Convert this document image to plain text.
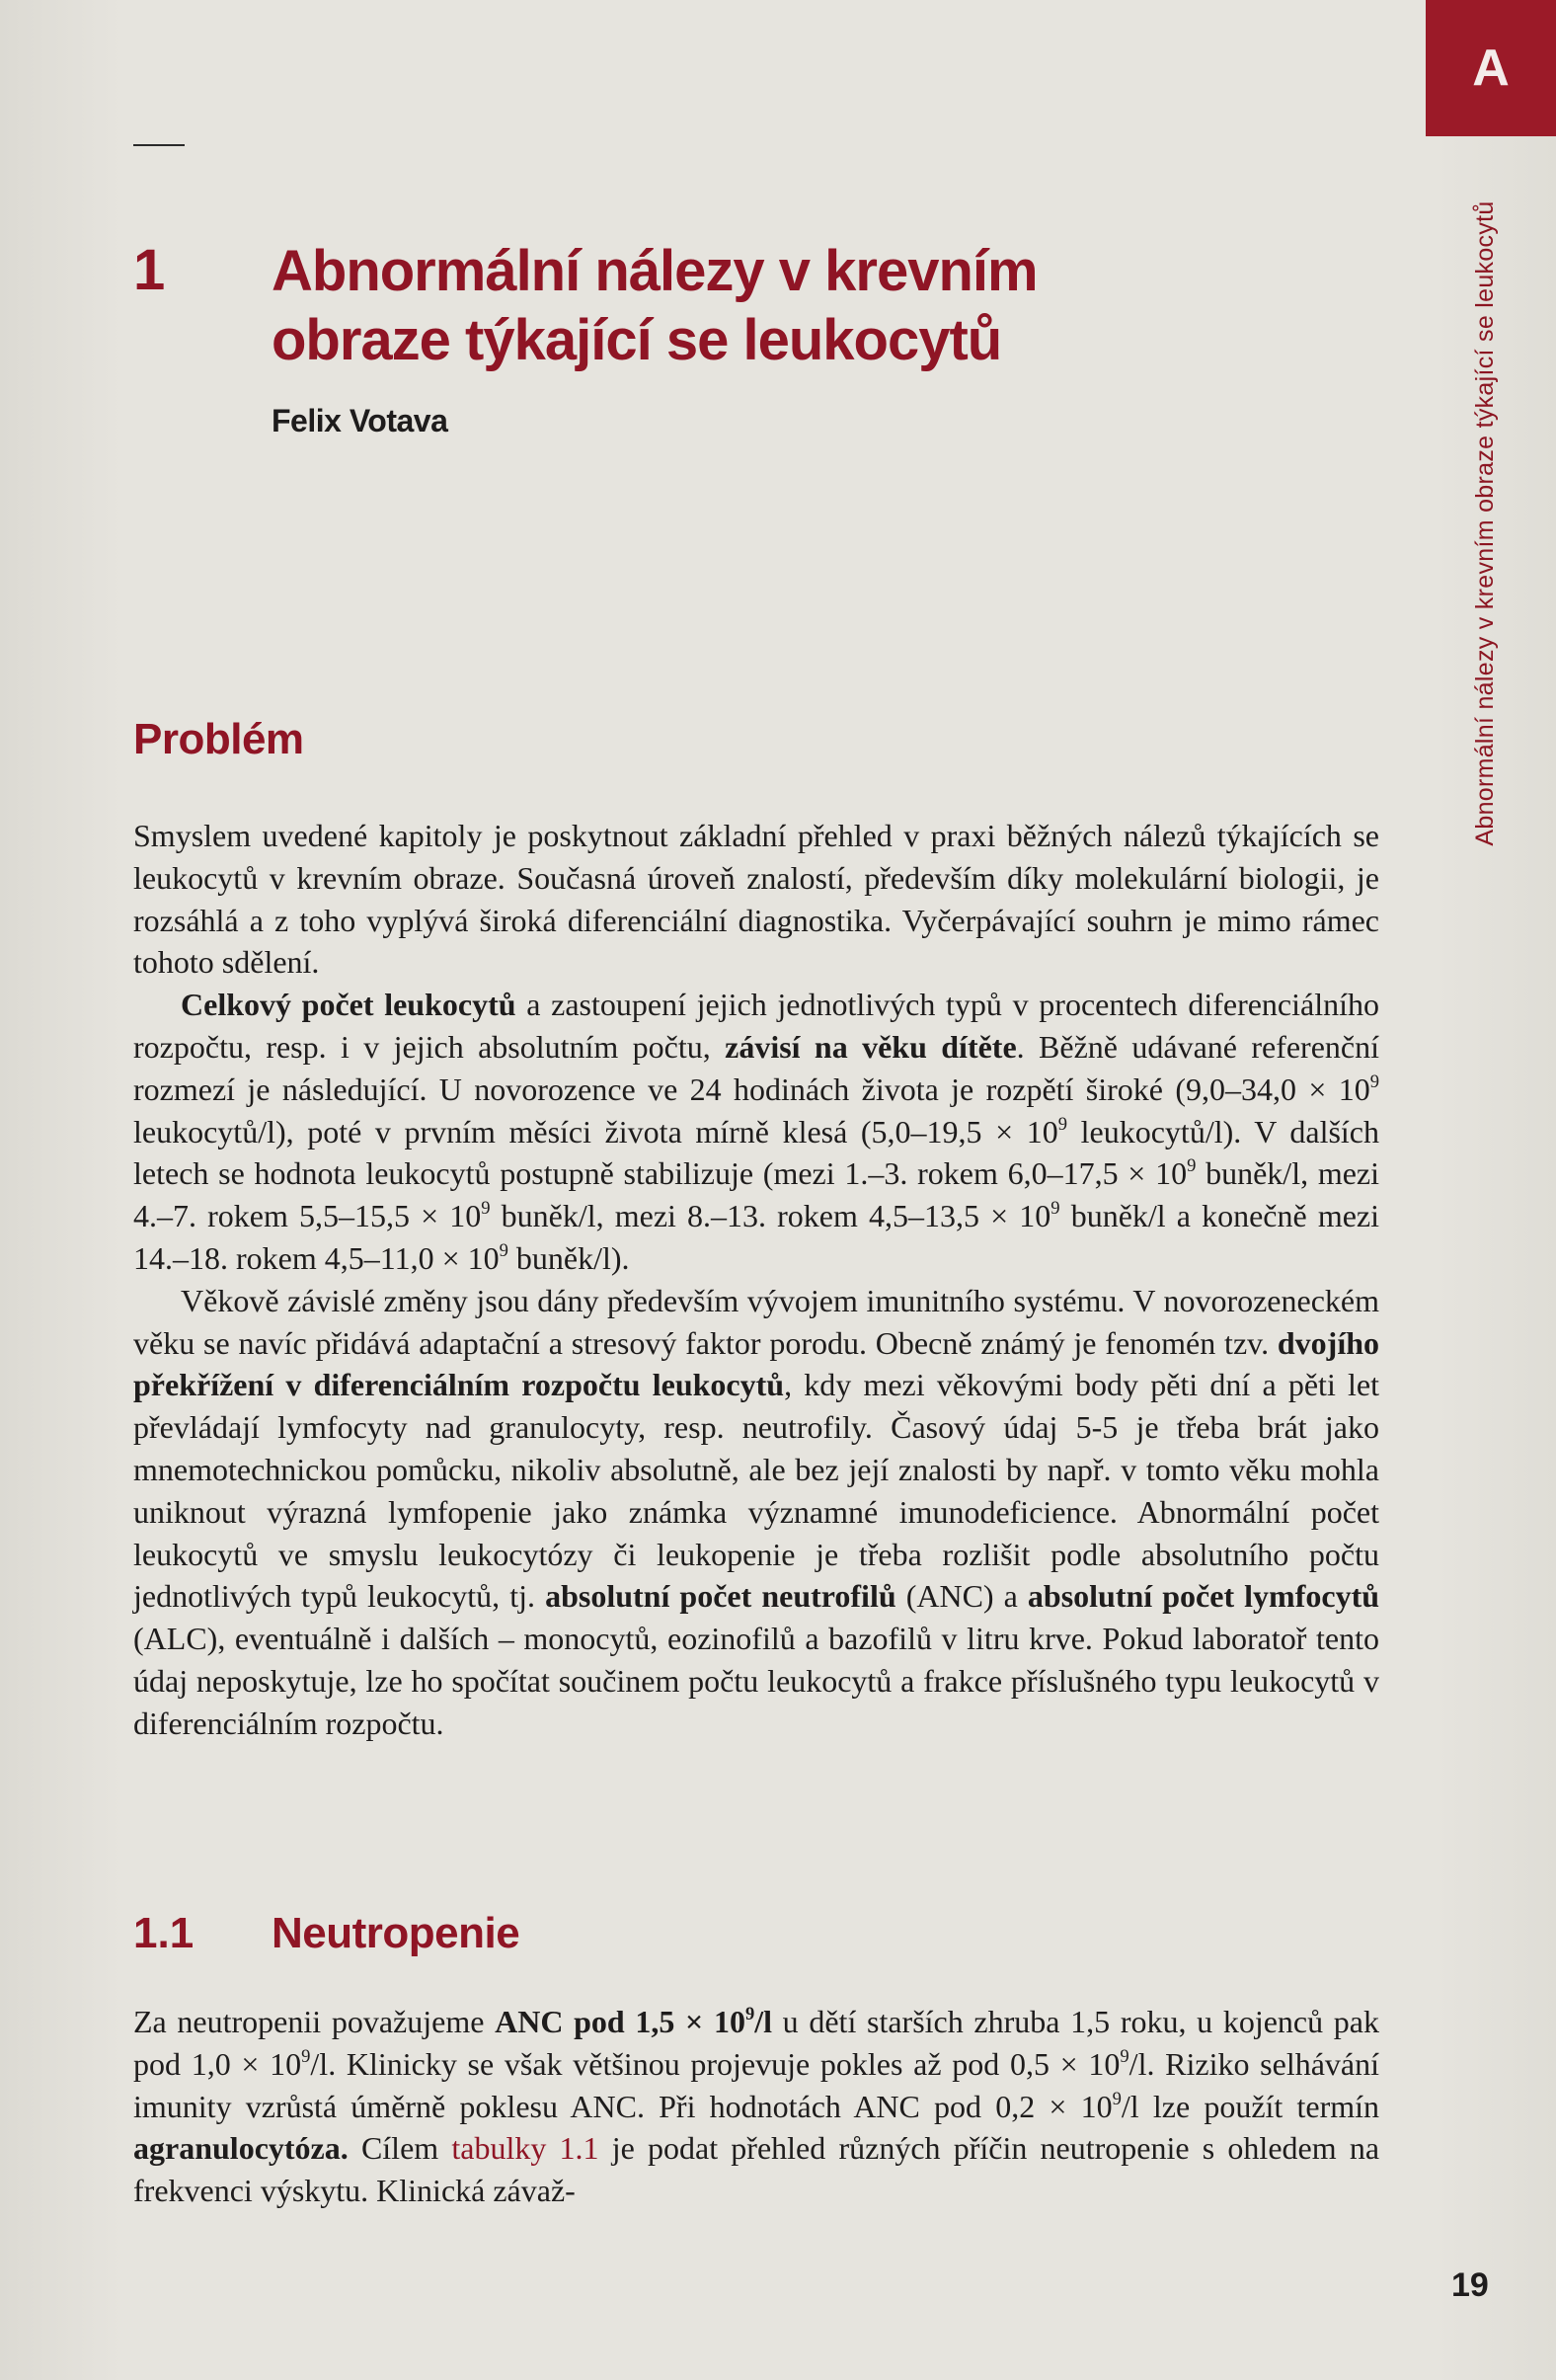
A
Abnormální nálezy v krevním obraze týkající se leukocytů
1 Abnormální nálezy v krevním
obraze týkající se leukocytů
Felix Votava
Problém

Smyslem uvedené kapitoly je poskytnout základní přehled v praxi běžných nálezů týkajících se leukocytů v krevním obraze. Současná úroveň znalostí, především díky molekulární biologii, je rozsáhlá a z toho vyplývá široká diferenciální diagnostika. Vyčerpávající souhrn je mimo rámec tohoto sdělení.

Celkový počet leukocytů a zastoupení jejich jednotlivých typů v procentech diferenciálního rozpočtu, resp. i v jejich absolutním počtu, závisí na věku dítěte. Běžně udávané referenční rozmezí je následující. U novorozence ve 24 hodinách života je rozpětí široké ($9,0-34,0 \times 10^9$ leukocytů/l), poté v prvním měsíci života mírně klesá ($5,0-19,5 \times 10^9$ leukocytů/l). V dalších letech se hodnota leukocytů postupně stabilizuje (mezi 1.–3. rokem $6,0-17,5 \times 10^9$ buněk/l, mezi 4.–7. rokem $5,5-15,5 \times 10^9$ buněk/l, mezi 8.–13. rokem $4,5-13,5 \times 10^9$ buněk/l a konečně mezi 14.–18. rokem $4,5-11,0 \times 10^9$ buněk/l).

Věkově závislé změny jsou dány především vývojem imunitního systému. V novorozeneckém věku se navíc přidává adaptační a stresový faktor porodu. Obecně známý je fenomén tzv. dvojího překřížení v diferenciálním rozpočtu leukocytů, kdy mezi věkovými body pěti dní a pěti let převládají lymfocyty nad granulocyty, resp. neutrofily. Časový údaj 5-5 je třeba brát jako mnemotechnickou pomůcku, nikoliv absolutně, ale bez její znalosti by např. v tomto věku mohla uniknout výrazná lymfopenie jako známka významné imunodeficience. Abnormální počet leukocytů ve smyslu leukocytózy či leukopenie je třeba rozlišit podle absolutního počtu jednotlivých typů leukocytů, tj. absolutní počet neutrofilů (ANC) a absolutní počet lymfocytů (ALC), eventuálně i dalších – monocytů, eozinofilů a bazofilů v litru krve. Pokud laboratoř tento údaj neposkytuje, lze ho spočítat součinem počtu leukocytů a frakce příslušného typu leukocytů v diferenciálním rozpočtu.

1.1 Neutropenie

Za neutropenii považujeme ANC pod $1,5 \times 10^9/l$ u dětí starších zhruba 1,5 roku, u kojenců pak pod $1,0 \times 10^9/l$. Klinicky se však většinou projevuje pokles až pod $0,5 \times 10^9/l$. Riziko selhávání imunity vzrůstá úměrně poklesu ANC. Při hodnotách ANC pod $0,2 \times 10^9/l$ lze použít termín agranulocytóza. Cílem tabulky 1.1 je podat přehled různých příčin neutropenie s ohledem na frekvenci výskytu. Klinická závaž-

19
